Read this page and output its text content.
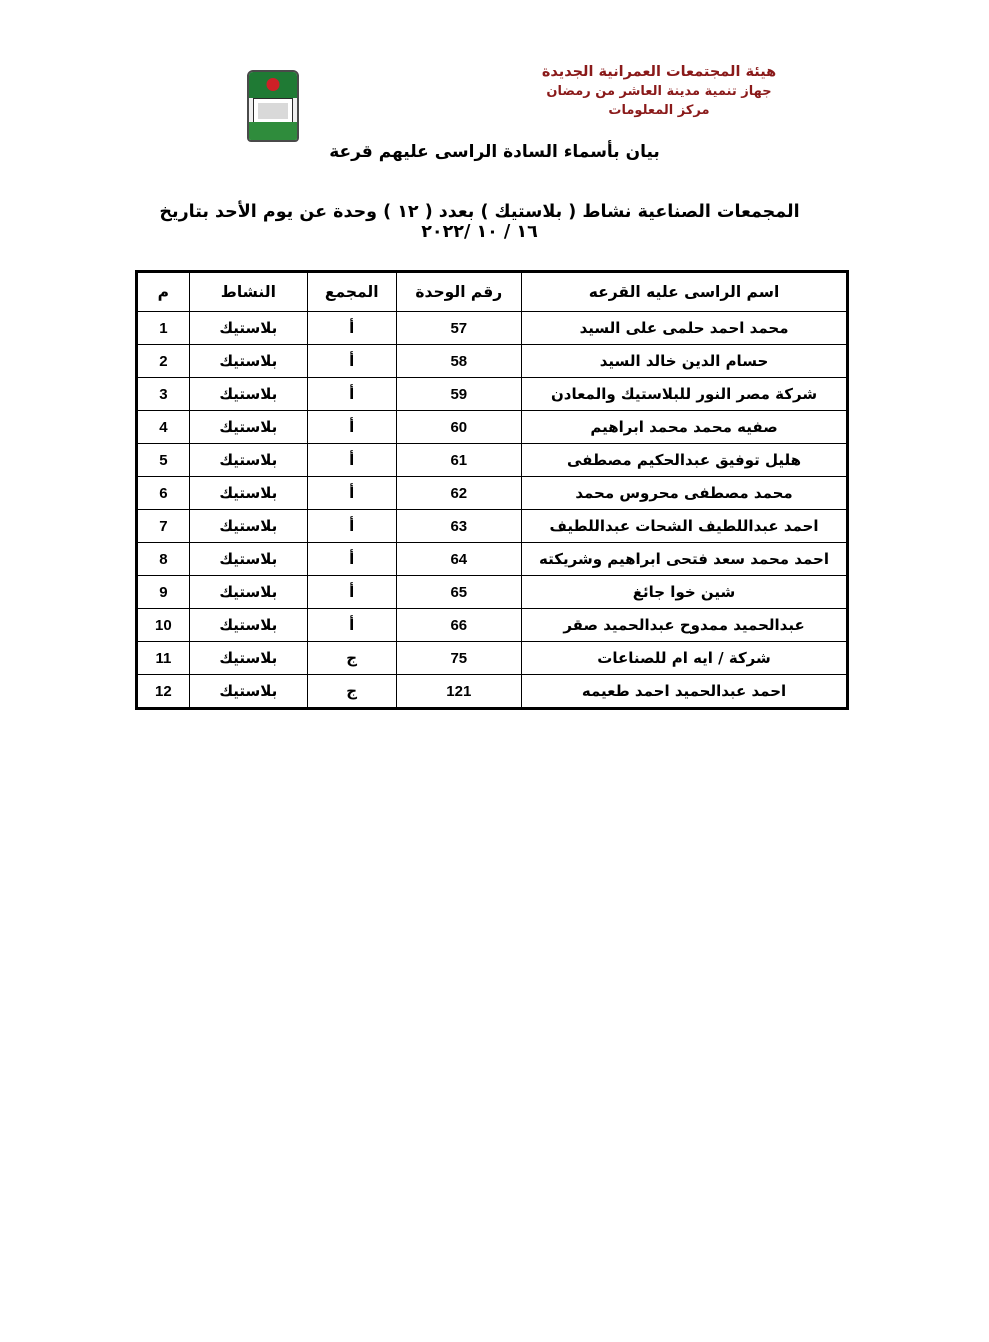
هيئة المجتمعات العمرانية الجديدة
جهاز تنمية مدينة العاشر من رمضان
مركز المعلومات
بيان بأسماء السادة الراسى عليهم قرعة
المجمعات الصناعية نشاط ( بلاستيك ) بعدد ( ١٢ ) وحدة عن يوم الأحد بتاريخ ١٦ / ١٠ /٢٠٢٢
اسم الراسى عليه القرعه	رقم الوحدة	المجمع	النشاط	م
محمد احمد حلمى على السيد	57	أ	بلاستيك	1
حسام الدين خالد السيد	58	أ	بلاستيك	2
شركة مصر النور للبلاستيك والمعادن	59	أ	بلاستيك	3
صفيه محمد محمد ابراهيم	60	أ	بلاستيك	4
هليل توفيق عبدالحكيم مصطفى	61	أ	بلاستيك	5
محمد مصطفى محروس محمد	62	أ	بلاستيك	6
احمد عبداللطيف الشحات عبداللطيف	63	أ	بلاستيك	7
احمد محمد سعد فتحى ابراهيم وشريكته	64	أ	بلاستيك	8
شين خوا جائغ	65	أ	بلاستيك	9
عبدالحميد ممدوح عبدالحميد صقر	66	أ	بلاستيك	10
شركة / ايه ام للصناعات	75	ج	بلاستيك	11
احمد عبدالحميد احمد طعيمه	121	ج	بلاستيك	12
